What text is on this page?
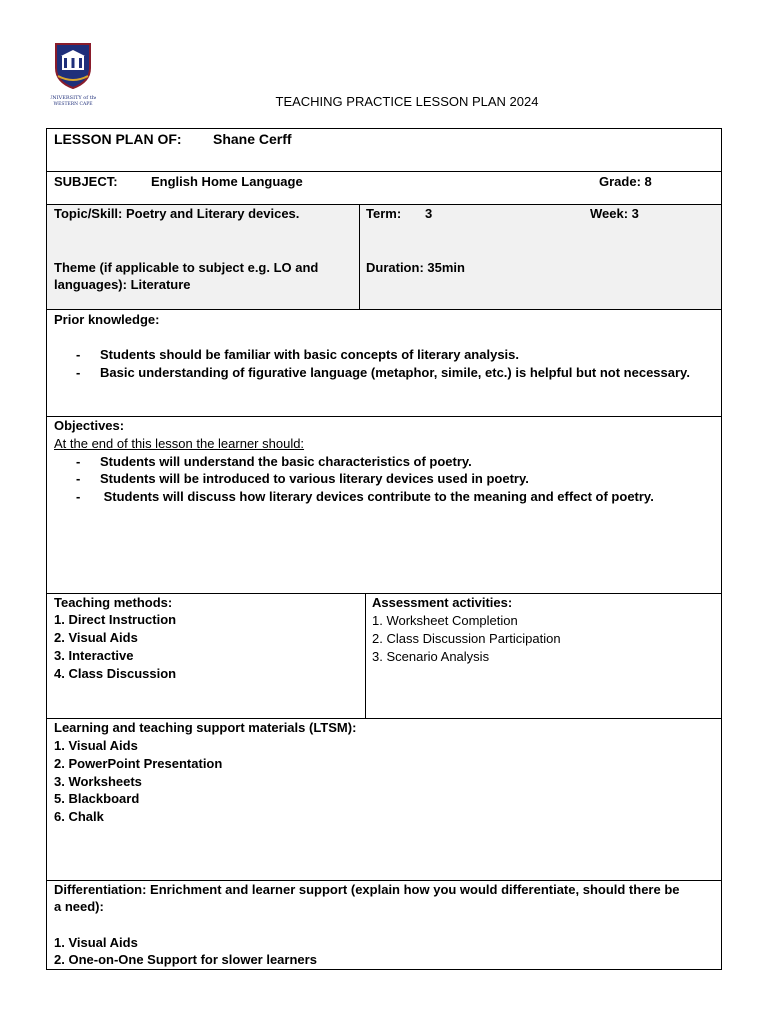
UNIVERSITY of the
WESTERN CAPE	TEACHING PRACTICE LESSON PLAN 2024
LESSON PLAN OF: Shane Cerff
SUBJECT:	English Home Language	Grade: 8
Topic/Skill: Poetry and Literary devices.
Theme (if applicable to subject e.g. LO and
languages): Literature
Term: 3	Week: 3
Duration: 35min
Prior knowledge:
- Students should be familiar with basic concepts of literary analysis.
- Basic understanding of figurative language (metaphor, simile, etc.) is helpful but not necessary.
Objectives:
At the end of this lesson the learner should:
- Students will understand the basic characteristics of poetry.
- Students will be introduced to various literary devices used in poetry.
- Students will discuss how literary devices contribute to the meaning and effect of poetry.
Teaching methods:
1. Direct Instruction
2. Visual Aids
3. Interactive
4. Class Discussion
Assessment activities:
1. Worksheet Completion
2. Class Discussion Participation
3. Scenario Analysis
Learning and teaching support materials (LTSM):
1. Visual Aids
2. PowerPoint Presentation
3. Worksheets
5. Blackboard
6. Chalk
Differentiation: Enrichment and learner support (explain how you would differentiate, should there be
a need):
1. Visual Aids
2. One-on-One Support for slower learners
